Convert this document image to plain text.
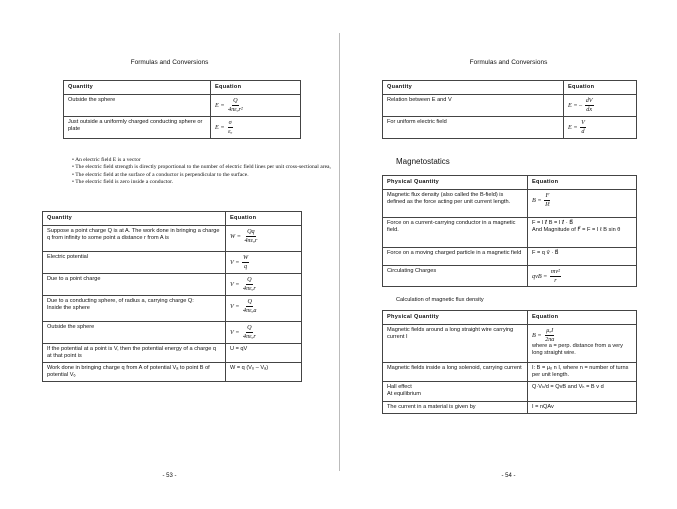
Formulas and Conversions
Quantity	Equation
Outside the sphere	$E = \frac{Q}{\text{4πεₒr²}}$

Just outside a uniformly charged conducting sphere or plate	$E = \frac{\sigma}{\text{εₒ}}$
• An electric field E is a vector
• The electric field strength is directly proportional to the number of electric field lines per unit cross-sectional area,
• The electric field at the surface of a conductor is perpendicular to the surface.
• The electric field is zero inside a conductor.
Quantity	Equation
Suppose a point charge Q is at A. The work done in bringing a charge q from infinity to some point a distance r from A is	$W = \frac{Qq}{\text{4πεₒr}}$

Electric potential	$V = \frac{W}{q}$

Due to a point charge	$V = \frac{Q}{\text{4πεₒr}}$

Due to a conducting sphere, of radius a, carrying charge Q:
Inside the sphere	$V = \frac{Q}{\text{4πεₒa}}$

Outside the sphere	$V = \frac{Q}{\text{4πεₒr}}$

If the potential at a point is V, then the potential energy of a charge q at that point is	U = qV
Work done in bringing charge q from A of potential Vₐ to point B of potential V₆	W = q (V₆ – Vₐ)
- 53 -
Formulas and Conversions
Quantity	Equation
Relation between E and V	E = – $\frac{dV}{dx}$

For uniform electric field	$E = \frac{V}{d}$
Magnetostatics
Physical Quantity	Equation
Magnetic flux density (also called the B-field) is defined as the force acting per unit current length.	$B = \frac{F}{\text{Iℓ}}$

Force on a current-carrying conductor in a magnetic field.	F = I ℓ⃗ B = I ℓ⃗ · B⃗
And Magnitude of F⃗ = F = I ℓ B sin θ
Force on a moving charged particle in a magnetic field	F = q v⃗ · B⃗
Circulating Charges	qvB = $\frac{\text{mv²}}{r}$
Calculation of magnetic flux density
Physical Quantity	Equation
Magnetic fields around a long straight wire carrying current I	$B = \frac{\text{μₒI}}{2\pi a}$
where a = perp. distance from a very long straight wire.

Magnetic fields inside a long solenoid, carrying current	I: B = μₒ n I, where n = number of turns per unit length.
Hall effect
At equilibrium	Q·Vₕ/d = QvB and Vₕ = B v d
The current in a material is given by	I = nQAv
- 54 -
